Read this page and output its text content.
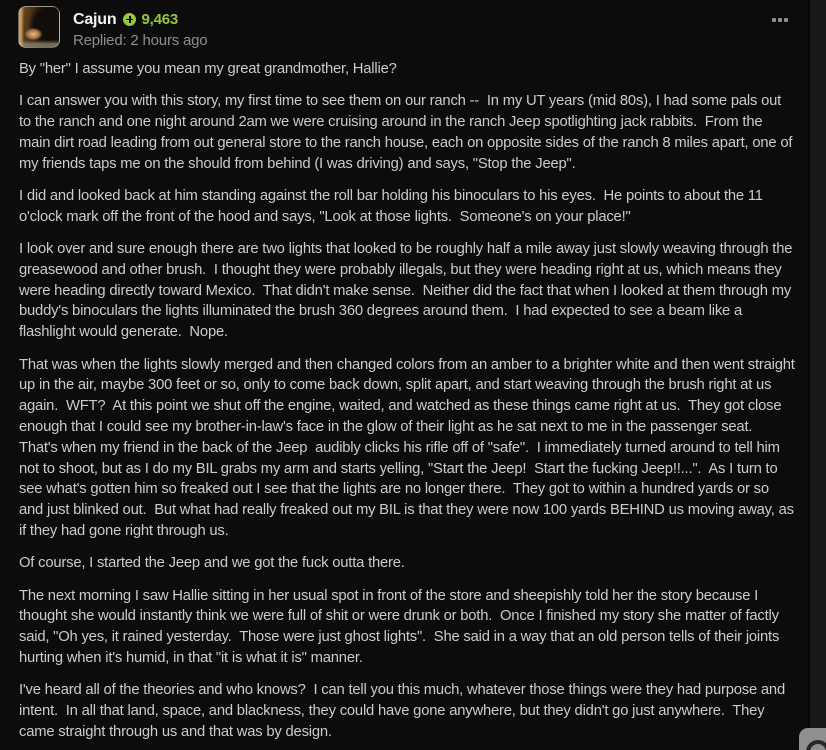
Cajun 9,463
Replied: 2 hours ago

By "her" I assume you mean my great grandmother, Hallie?

I can answer you with this story, my first time to see them on our ranch --  In my UT years (mid 80s), I had some pals out to the ranch and one night around 2am we were cruising around in the ranch Jeep spotlighting jack rabbits.  From the main dirt road leading from out general store to the ranch house, each on opposite sides of the ranch 8 miles apart, one of my friends taps me on the should from behind (I was driving) and says, "Stop the Jeep".

I did and looked back at him standing against the roll bar holding his binoculars to his eyes.  He points to about the 11 o'clock mark off the front of the hood and says, "Look at those lights.  Someone's on your place!"

I look over and sure enough there are two lights that looked to be roughly half a mile away just slowly weaving through the greasewood and other brush.  I thought they were probably illegals, but they were heading right at us, which means they were heading directly toward Mexico.  That didn't make sense.  Neither did the fact that when I looked at them through my buddy's binoculars the lights illuminated the brush 360 degrees around them.  I had expected to see a beam like a flashlight would generate.  Nope.

That was when the lights slowly merged and then changed colors from an amber to a brighter white and then went straight up in the air, maybe 300 feet or so, only to come back down, split apart, and start weaving through the brush right at us again.  WFT?  At this point we shut off the engine, waited, and watched as these things came right at us.  They got close enough that I could see my brother-in-law's face in the glow of their light as he sat next to me in the passenger seat.  That's when my friend in the back of the Jeep  audibly clicks his rifle off of "safe".  I immediately turned around to tell him not to shoot, but as I do my BIL grabs my arm and starts yelling, "Start the Jeep!  Start the fucking Jeep!!...".  As I turn to see what's gotten him so freaked out I see that the lights are no longer there.  They got to within a hundred yards or so and just blinked out.  But what had really freaked out my BIL is that they were now 100 yards BEHIND us moving away, as if they had gone right through us.

Of course, I started the Jeep and we got the fuck outta there.

The next morning I saw Hallie sitting in her usual spot in front of the store and sheepishly told her the story because I thought she would instantly think we were full of shit or were drunk or both.  Once I finished my story she matter of factly said, "Oh yes, it rained yesterday.  Those were just ghost lights".  She said in a way that an old person tells of their joints hurting when it's humid, in that "it is what it is" manner.

I've heard all of the theories and who knows?  I can tell you this much, whatever those things were they had purpose and intent.  In all that land, space, and blackness, they could have gone anywhere, but they didn't go just anywhere.  They came straight through us and that was by design.
